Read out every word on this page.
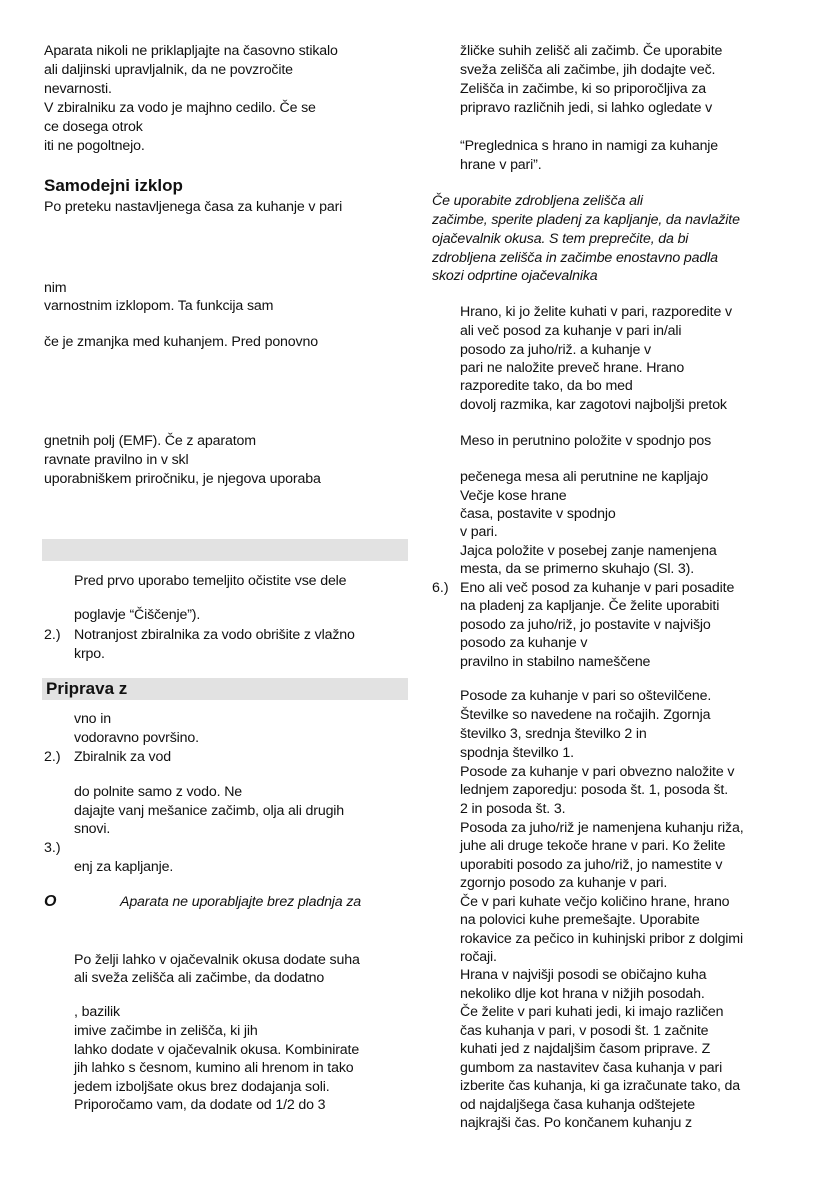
Aparata nikoli ne priklapljajte na časovno stikalo
ali daljinski upravljalnik, da ne povzročite
nevarnosti.
V zbiralniku za vodo je majhno cedilo. Če se
ce dosega otrok
iti ne pogoltnejo.
Samodejni izklop
Po preteku nastavljenega časa za kuhanje v pari
nim
varnostnim izklopom. Ta funkcija sam
če je zmanjka med kuhanjem. Pred ponovno
gnetnih polj (EMF). Če z aparatom
ravnate pravilno in v skl
uporabniškem priročniku, je njegova uporaba
Pred prvo uporabo temeljito očistite vse dele
poglavje “Čiščenje”).
2.) Notranjost zbiralnika za vodo obrišite z vlažno
krpo.
Priprava z
vno in
vodoravno površino.
2.) Zbiralnik za vod
do polnite samo z vodo. Ne
dajajte vanj mešanice začimb, olja ali drugih
snovi.
3.)
enj za kapljanje.
O	Aparata ne uporabljajte brez pladnja za
Po želji lahko v ojačevalnik okusa dodate suha
ali sveža zelišča ali začimbe, da dodatno
, bazilik
imive začimbe in zelišča, ki jih
lahko dodate v ojačevalnik okusa. Kombinirate
jih lahko s česnom, kumino ali hrenom in tako
jedem izboljšate okus brez dodajanja soli.
Priporočamo vam, da dodate od 1/2 do 3
žličke suhih zelišč ali začimb. Če uporabite
sveža zelišča ali začimbe, jih dodajte več.
Zelišča in začimbe, ki so priporočljiva za
pripravo različnih jedi, si lahko ogledate v
“Preglednica s hrano in namigi za kuhanje
hrane v pari”.
Če uporabite zdrobljena zelišča ali
začimbe, sperite pladenj za kapljanje, da navlažite
ojačevalnik okusa. S tem preprečite, da bi
zdrobljena zelišča in začimbe enostavno padla
skozi odprtine ojačevalnika
Hrano, ki jo želite kuhati v pari, razporedite v
ali več posod za kuhanje v pari in/ali
posodo za juho/riž. a kuhanje v
pari ne naložite preveč hrane. Hrano
razporedite tako, da bo med
dovolj razmika, kar zagotovi najboljši pretok
Meso in perutnino položite v spodnjo pos
pečenega mesa ali perutnine ne kapljajo
Večje kose hrane
časa, postavite v spodnjo
v pari.
Jajca položite v posebej zanje namenjena
mesta, da se primerno skuhajo (Sl. 3).
6.) Eno ali več posod za kuhanje v pari posadite
na pladenj za kapljanje. Če želite uporabiti
posodo za juho/riž, jo postavite v najvišjo
posodo za kuhanje v
pravilno in stabilno nameščene
Posode za kuhanje v pari so oštevilčene.
Številke so navedene na ročajih. Zgornja
številko 3, srednja številko 2 in
spodnja številko 1.
Posode za kuhanje v pari obvezno naložite v
lednjem zaporedju: posoda št. 1, posoda št.
2 in posoda št. 3.
Posoda za juho/riž je namenjena kuhanju riža,
juhe ali druge tekoče hrane v pari. Ko želite
uporabiti posodo za juho/riž, jo namestite v
zgornjo posodo za kuhanje v pari.
Če v pari kuhate večjo količino hrane, hrano
na polovici kuhe premešajte. Uporabite
rokavice za pečico in kuhinjski pribor z dolgimi
ročaji.
Hrana v najvišji posodi se običajno kuha
nekoliko dlje kot hrana v nižjih posodah.
Če želite v pari kuhati jedi, ki imajo različen
čas kuhanja v pari, v posodi št. 1 začnite
kuhati jed z najdaljšim časom priprave. Z
gumbom za nastavitev časa kuhanja v pari
izberite čas kuhanja, ki ga izračunate tako, da
od najdaljšega časa kuhanja odštejete
najkrajši čas. Po končanem kuhanju z
